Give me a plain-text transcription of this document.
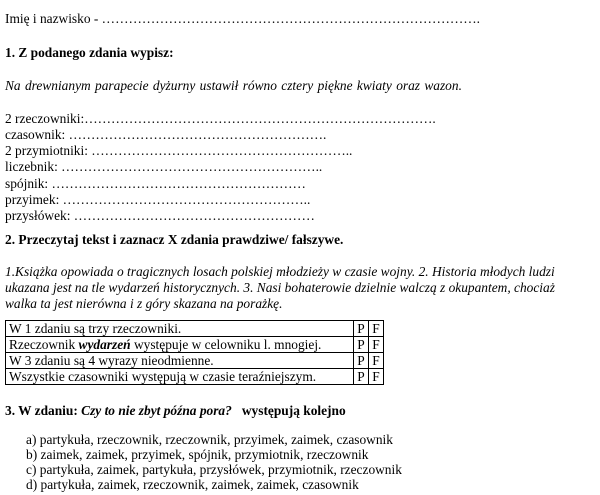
Imię i nazwisko - ………………………………………………………………………….
1. Z podanego zdania wypisz:
Na drewnianym parapecie dyżurny ustawił równo cztery piękne kwiaty oraz wazon.
2 rzeczowniki:…………………………………………………………………….
czasownik: ………………………………………………….
2 przymiotniki: …………………………………………………..
liczebnik: …………………………………………………..
spójnik: …………………………………………………
przyimek: ………………………………………………..
przysłówek: ………………………………………………
2. Przeczytaj tekst i zaznacz X zdania prawdziwe/ fałszywe.
1.Książka opowiada o tragicznych losach polskiej młodzieży w czasie wojny. 2. Historia młodych ludzi
ukazana jest na tle wydarzeń historycznych. 3. Nasi bohaterowie dzielnie walczą z okupantem, chociaż
walka ta jest nierówna i z góry skazana na porażkę.
W 1 zdaniu są trzy rzeczowniki.	P	F
Rzeczownik wydarzeń występuje w celowniku l. mnogiej.	P	F
W 3 zdaniu są 4 wyrazy nieodmienne.	P	F
Wszystkie czasowniki występują w czasie teraźniejszym.	P	F
3. W zdaniu: Czy to nie zbyt późna pora?   występują kolejno
a) partykuła, rzeczownik, rzeczownik, przyimek, zaimek, czasownik
b) zaimek, zaimek, przyimek, spójnik, przymiotnik, rzeczownik
c) partykuła, zaimek, partykuła, przysłówek, przymiotnik, rzeczownik
d) partykuła, zaimek, rzeczownik, zaimek, zaimek, czasownik
